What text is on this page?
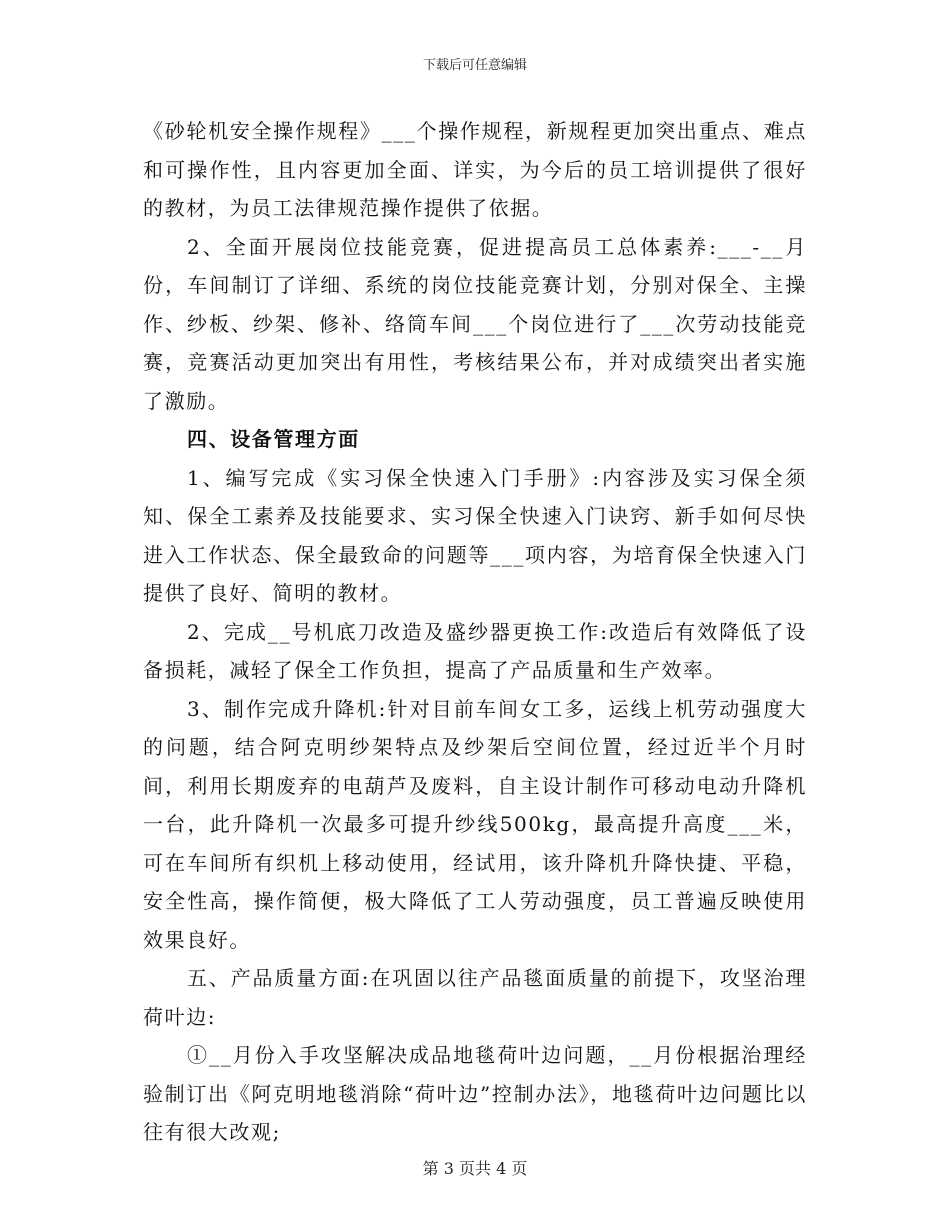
下载后可任意编辑

《砂轮机安全操作规程》___个操作规程，新规程更加突出重点、难点和可操作性，且内容更加全面、详实，为今后的员工培训提供了很好的教材，为员工法律规范操作提供了依据。

2、全面开展岗位技能竞赛，促进提高员工总体素养:___-__月份，车间制订了详细、系统的岗位技能竞赛计划，分别对保全、主操作、纱板、纱架、修补、络筒车间___个岗位进行了___次劳动技能竞赛，竞赛活动更加突出有用性，考核结果公布，并对成绩突出者实施了激励。

四、设备管理方面

1、编写完成《实习保全快速入门手册》:内容涉及实习保全须知、保全工素养及技能要求、实习保全快速入门诀窍、新手如何尽快进入工作状态、保全最致命的问题等___项内容，为培育保全快速入门提供了良好、简明的教材。

2、完成__号机底刀改造及盛纱器更换工作:改造后有效降低了设备损耗，减轻了保全工作负担，提高了产品质量和生产效率。

3、制作完成升降机:针对目前车间女工多，运线上机劳动强度大的问题，结合阿克明纱架特点及纱架后空间位置，经过近半个月时间，利用长期废弃的电葫芦及废料，自主设计制作可移动电动升降机一台，此升降机一次最多可提升纱线500kg，最高提升高度___米，可在车间所有织机上移动使用，经试用，该升降机升降快捷、平稳，安全性高，操作简便，极大降低了工人劳动强度，员工普遍反映使用效果良好。

五、产品质量方面:在巩固以往产品毯面质量的前提下，攻坚治理荷叶边:

①__月份入手攻坚解决成品地毯荷叶边问题，__月份根据治理经验制订出《阿克明地毯消除“荷叶边”控制办法》，地毯荷叶边问题比以往有很大改观;

第 3 页共 4 页
